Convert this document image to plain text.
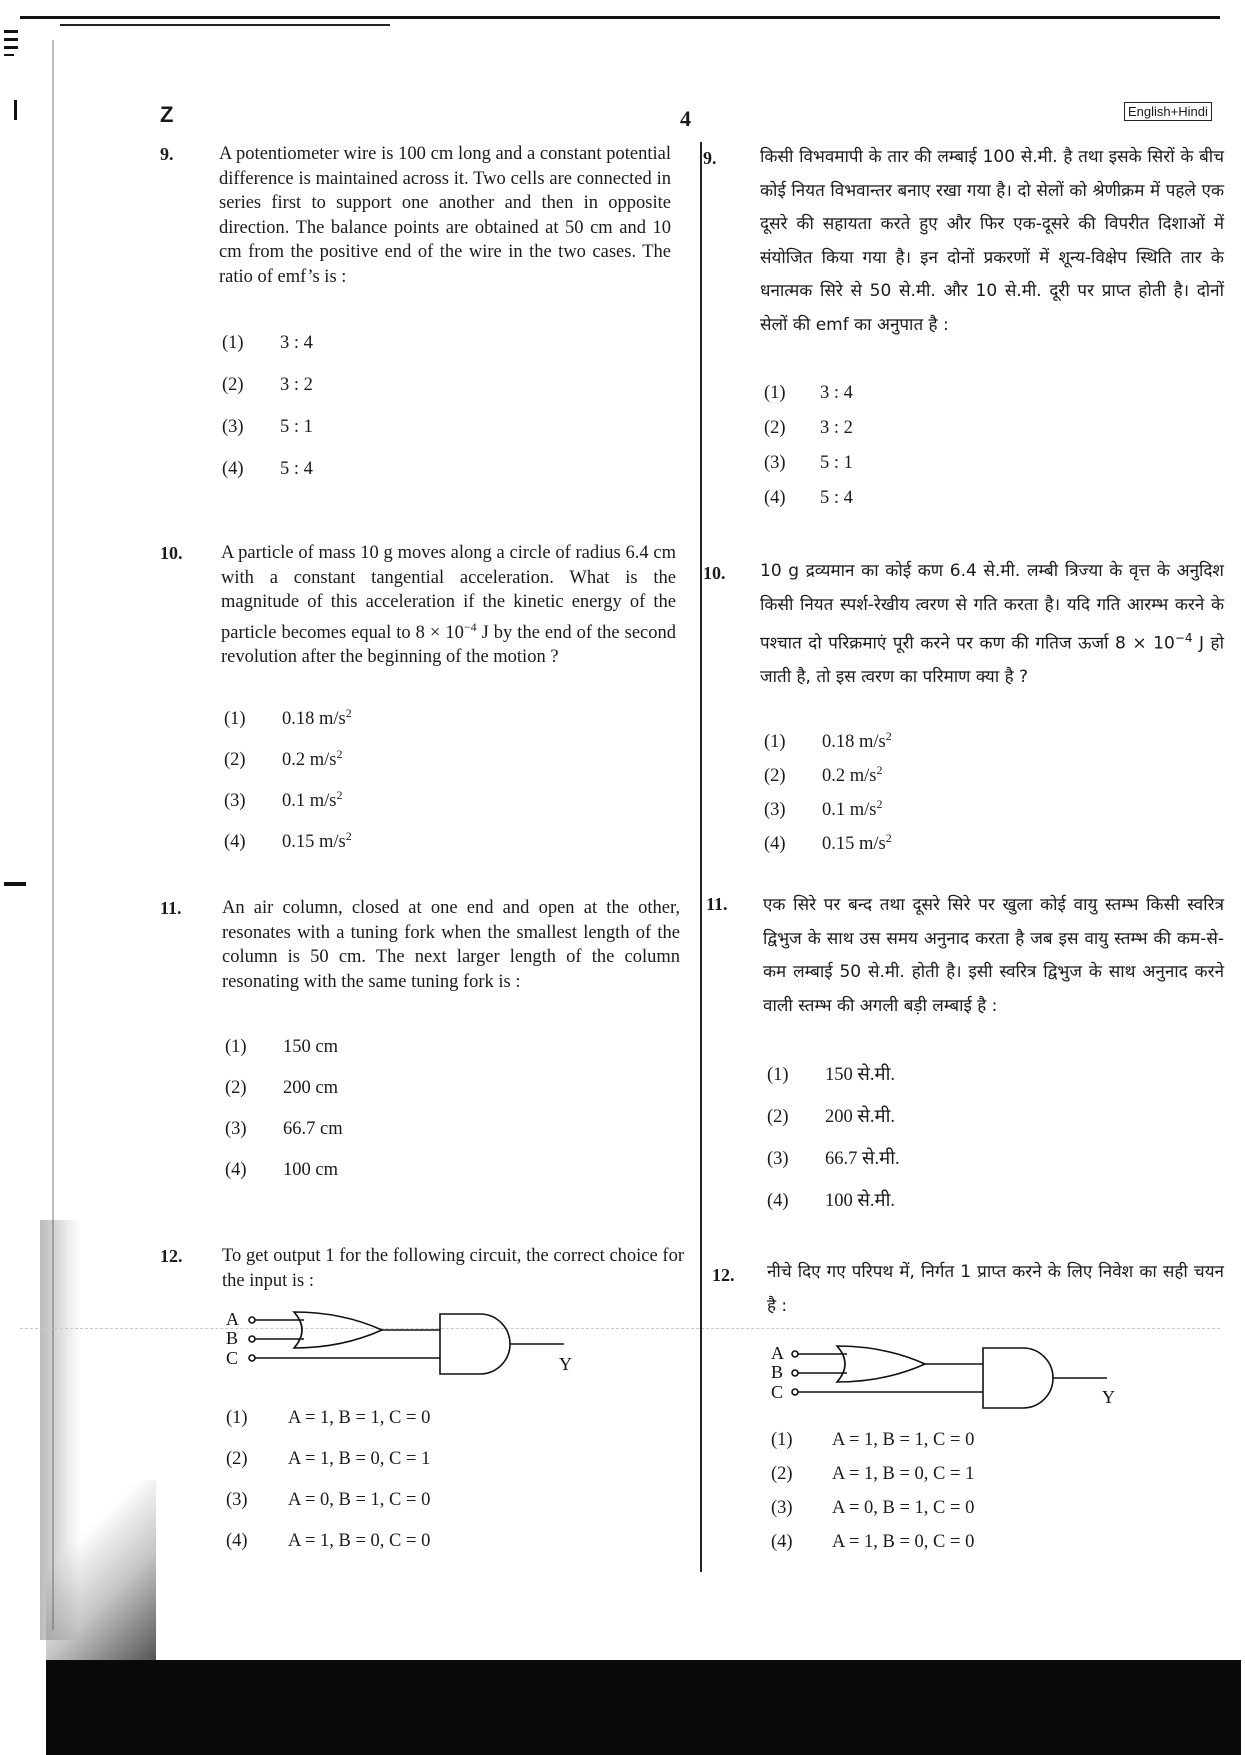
Z	4	English+Hindi
9. A potentiometer wire is 100 cm long and a constant potential difference is maintained across it. Two cells are connected in series first to support one another and then in opposite direction. The balance points are obtained at 50 cm and 10 cm from the positive end of the wire in the two cases. The ratio of emf’s is :
(1) 3 : 4
(2) 3 : 2
(3) 5 : 1
(4) 5 : 4
9.	किसी विभवमापी के तार की लम्बाई 100 से.मी. है तथा इसके सिरों के बीच कोई नियत विभवान्तर बनाए रखा गया है। दो सेलों को श्रेणीक्रम में पहले एक दूसरे की सहायता करते हुए और फिर एक-दूसरे की विपरीत दिशाओं में संयोजित किया गया है। इन दोनों प्रकरणों में शून्य-विक्षेप स्थिति तार के धनात्मक सिरे से 50 से.मी. और 10 से.मी. दूरी पर प्राप्त होती है। दोनों सेलों की emf का अनुपात है :
(1) 3 : 4
(2) 3 : 2
(3) 5 : 1
(4) 5 : 4
10. A particle of mass 10 g moves along a circle of radius 6.4 cm with a constant tangential acceleration. What is the magnitude of this acceleration if the kinetic energy of the particle becomes equal to $8 \times 10^{-4}$ J by the end of the second revolution after the beginning of the motion ?
(1) 0.18 $m/s^2$
(2) 0.2 $m/s^2$
(3) 0.1 $m/s^2$
(4) 0.15 $m/s^2$
10. 10 g द्रव्यमान का कोई कण 6.4 से.मी. लम्बी त्रिज्या के वृत्त के अनुदिश किसी नियत स्पर्श-रेखीय त्वरण से गति करता है। यदि गति आरम्भ करने के पश्चात दो परिक्रमाएं पूरी करने पर कण की गतिज ऊर्जा $8 \times 10^{-4}$ J हो जाती है, तो इस त्वरण का परिमाण क्या है ?
(1) 0.18 $m/s^2$
(2) 0.2 $m/s^2$
(3) 0.1 $m/s^2$
(4) 0.15 $m/s^2$
11. An air column, closed at one end and open at the other, resonates with a tuning fork when the smallest length of the column is 50 cm. The next larger length of the column resonating with the same tuning fork is :
(1) 150 cm
(2) 200 cm
(3) 66.7 cm
(4) 100 cm
11. एक सिरे पर बन्द तथा दूसरे सिरे पर खुला कोई वायु स्तम्भ किसी स्वरित्र द्विभुज के साथ उस समय अनुनाद करता है जब इस वायु स्तम्भ की कम-से-कम लम्बाई 50 से.मी. होती है। इसी स्वरित्र द्विभुज के साथ अनुनाद करने वाली स्तम्भ की अगली बड़ी लम्बाई है :
(1) 150 से.मी.
(2) 200 से.मी.
(3) 66.7 से.मी.
(4) 100 से.मी.
12. To get output 1 for the following circuit, the correct choice for the input is :
A
B
C	Y
(1) A = 1, B = 1, C = 0
(2) A = 1, B = 0, C = 1
(3) A = 0, B = 1, C = 0
(4) A = 1, B = 0, C = 0
12. नीचे दिए गए परिपथ में, निर्गत 1 प्राप्त करने के लिए निवेश का सही चयन है :
A
B
C	Y
(1) A = 1, B = 1, C = 0
(2) A = 1, B = 0, C = 1
(3) A = 0, B = 1, C = 0
(4) A = 1, B = 0, C = 0
